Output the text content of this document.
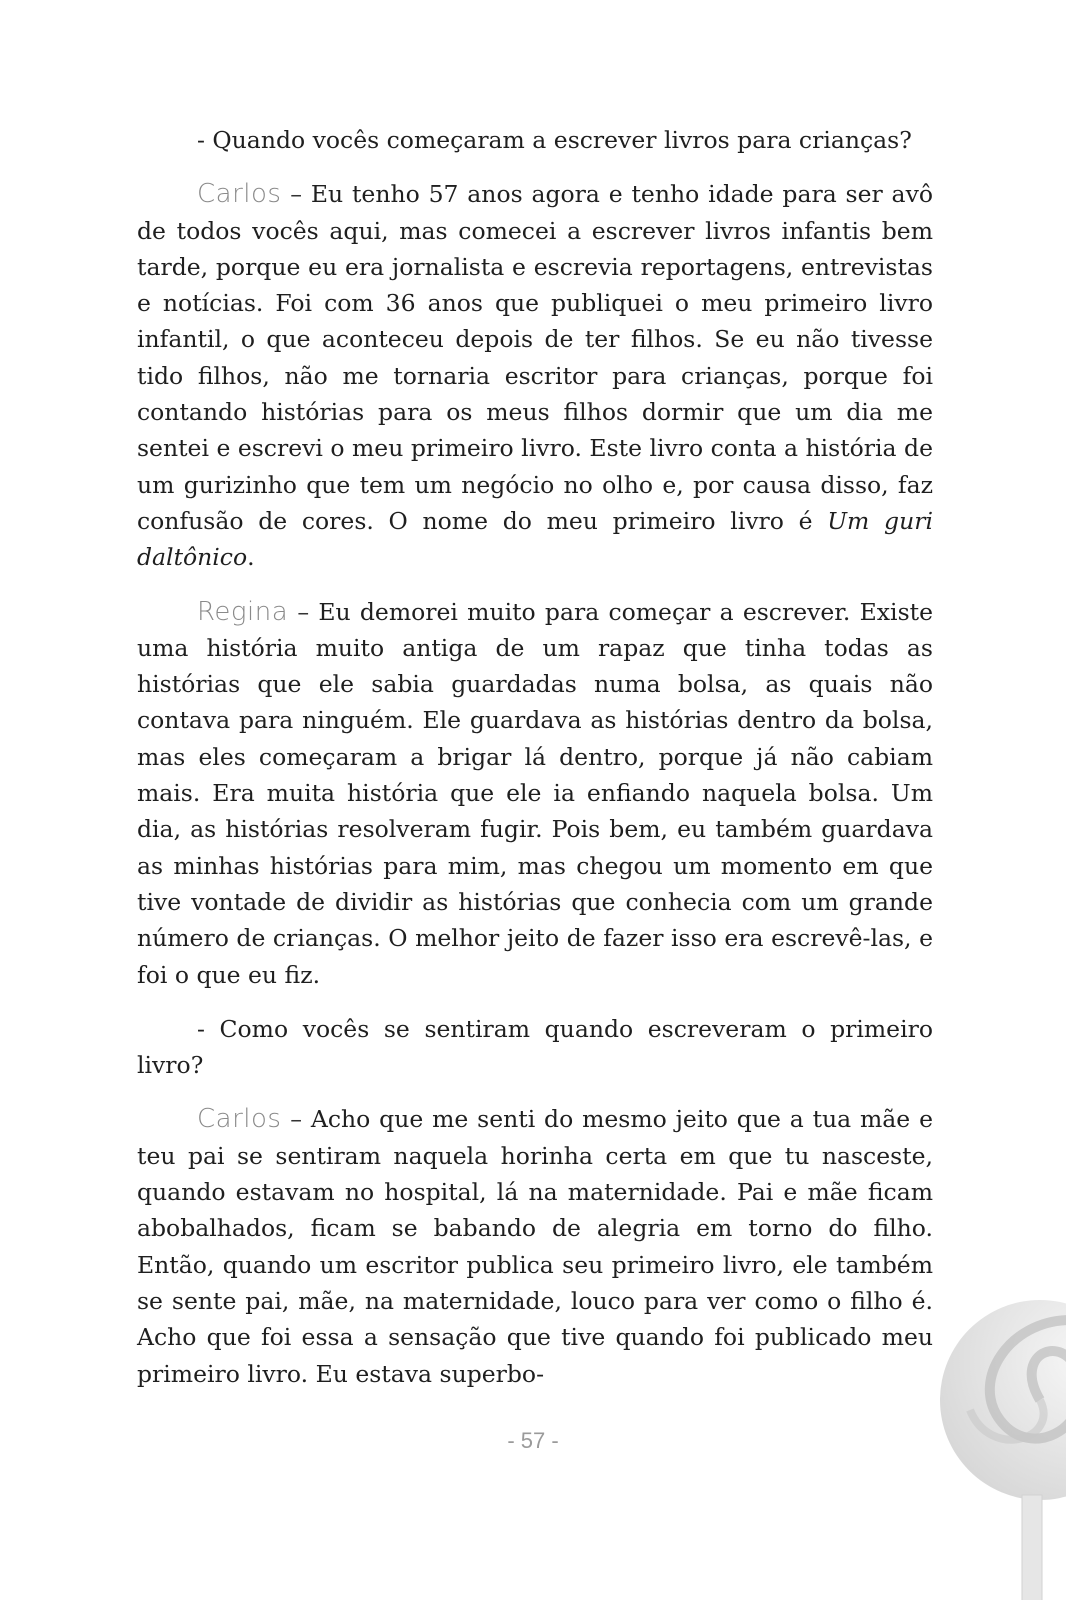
- Quando vocês começaram a escrever livros para crianças?

Carlos – Eu tenho 57 anos agora e tenho idade para ser avô de todos vocês aqui, mas comecei a escrever livros infantis bem tarde, porque eu era jornalista e escrevia reportagens, entrevistas e notícias. Foi com 36 anos que publiquei o meu primeiro livro infantil, o que aconteceu depois de ter filhos. Se eu não tivesse tido filhos, não me tornaria escritor para crianças, porque foi contando histórias para os meus filhos dormir que um dia me sentei e escrevi o meu primeiro livro. Este livro conta a história de um gurizinho que tem um negócio no olho e, por causa disso, faz confusão de cores. O nome do meu primeiro livro é Um guri daltônico.

Regina – Eu demorei muito para começar a escrever. Existe uma história muito antiga de um rapaz que tinha todas as histórias que ele sabia guardadas numa bolsa, as quais não contava para ninguém. Ele guardava as histórias dentro da bolsa, mas eles começaram a brigar lá dentro, porque já não cabiam mais. Era muita história que ele ia enfiando naquela bolsa. Um dia, as histórias resolveram fugir. Pois bem, eu também guardava as minhas histórias para mim, mas chegou um momento em que tive vontade de dividir as histórias que conhecia com um grande número de crianças. O melhor jeito de fazer isso era escrevê-las, e foi o que eu fiz.

- Como vocês se sentiram quando escreveram o primeiro livro?

Carlos – Acho que me senti do mesmo jeito que a tua mãe e teu pai se sentiram naquela horinha certa em que tu nasceste, quando estavam no hospital, lá na maternidade. Pai e mãe ficam abobalhados, ficam se babando de alegria em torno do filho. Então, quando um escritor publica seu primeiro livro, ele também se sente pai, mãe, na maternidade, louco para ver como o filho é. Acho que foi essa a sensação que tive quando foi publicado meu primeiro livro. Eu estava superbo-

- 57 -
